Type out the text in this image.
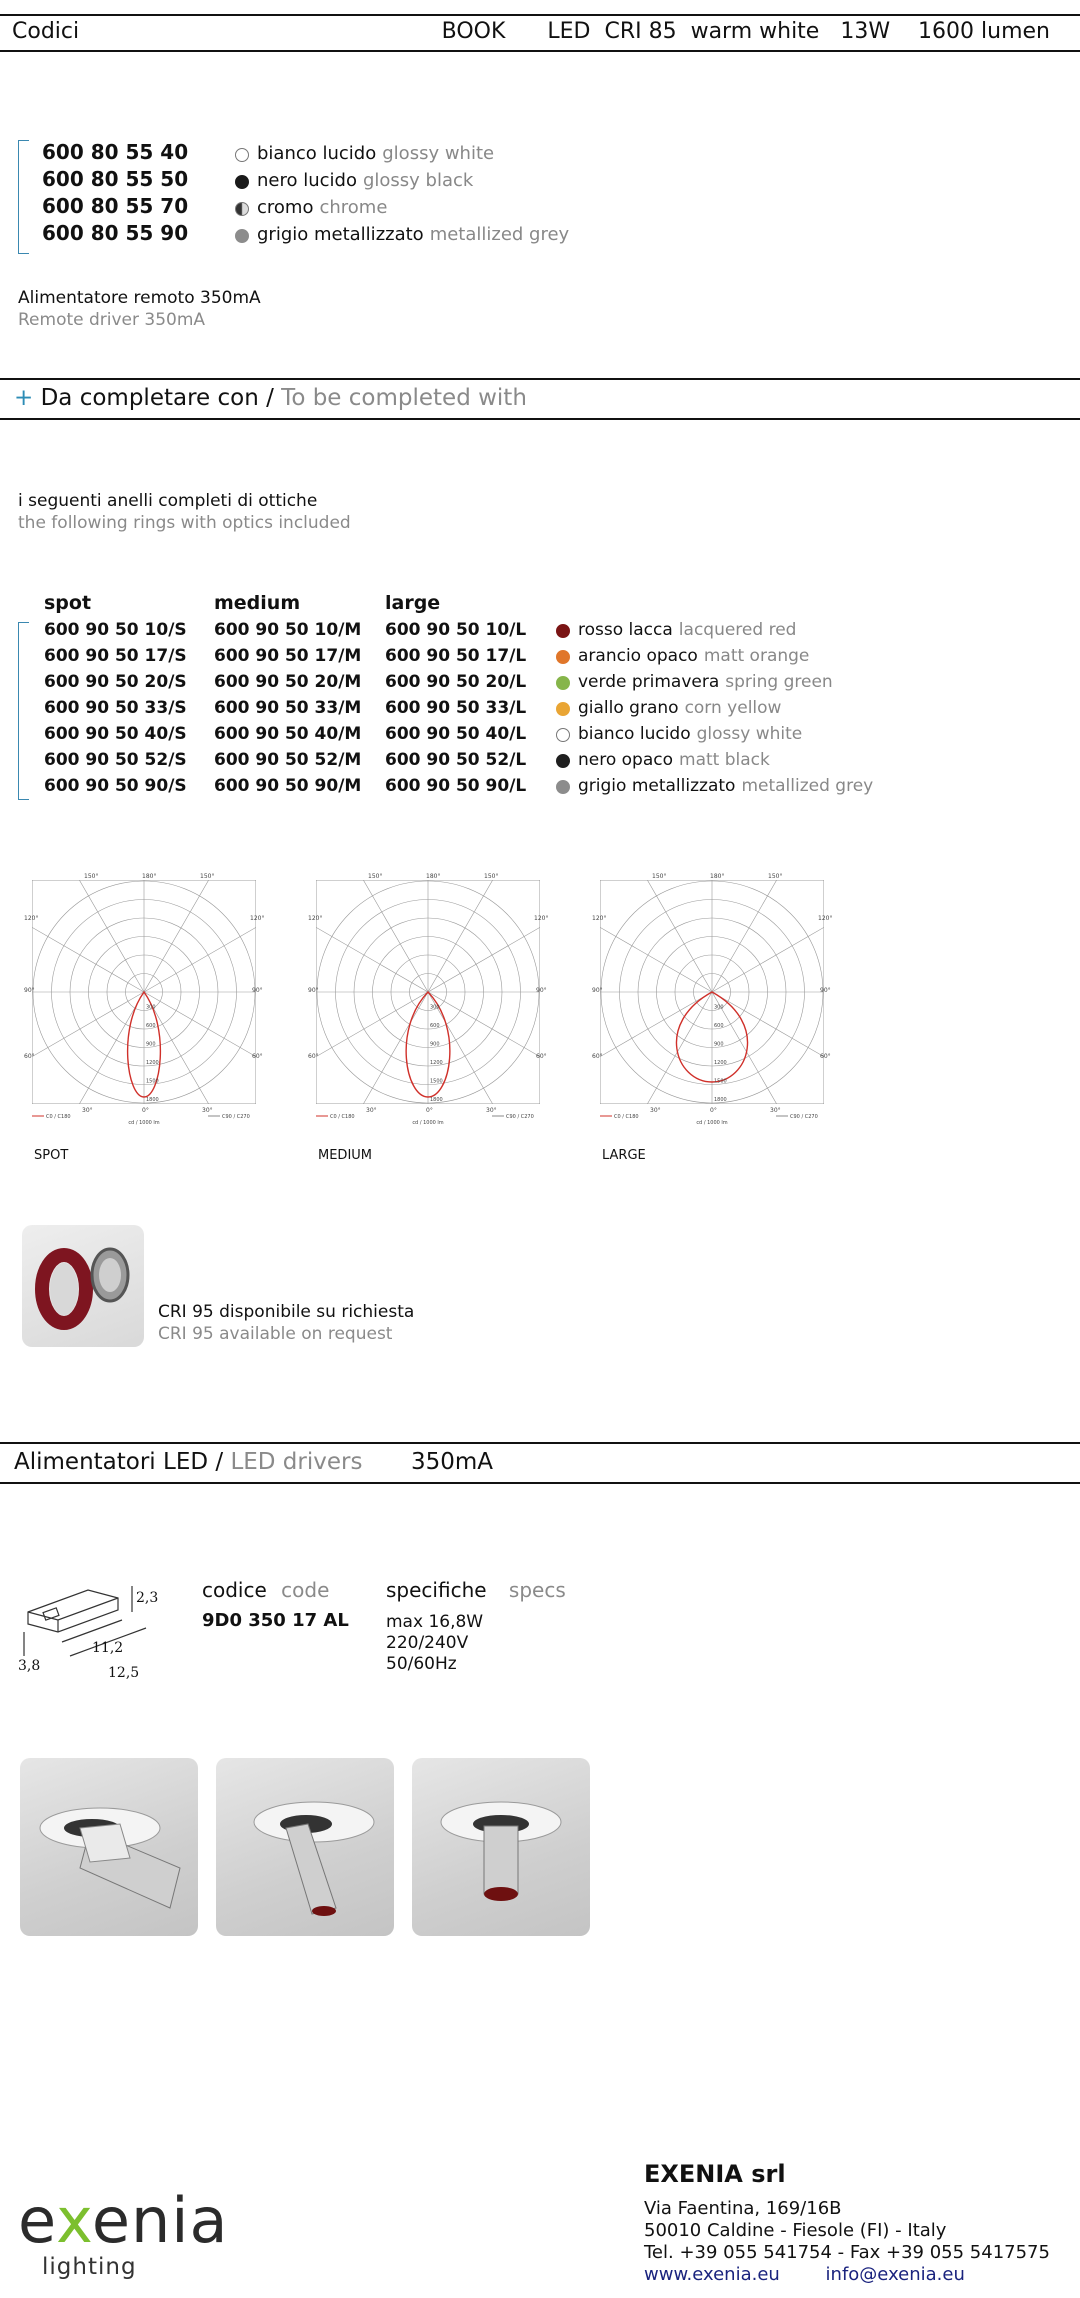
Codici	BOOK      LED  CRI 85  warm white   13W    1600 lumen
600 80 55 40	bianco lucido glossy white
600 80 55 50	nero lucido glossy black
600 80 55 70	cromo chrome
600 80 55 90	grigio metallizzato metallized grey
Alimentatore remoto 350mA
Remote driver 350mA
+ Da completare con / To be completed with
i seguenti anelli completi di ottiche
the following rings with optics included
spot	medium	large
600 90 50 10/S 600 90 50 10/M 600 90 50 10/L	rosso lacca lacquered red
600 90 50 17/S 600 90 50 17/M 600 90 50 17/L	arancio opaco matt orange
600 90 50 20/S 600 90 50 20/M 600 90 50 20/L	verde primavera spring green
600 90 50 33/S 600 90 50 33/M 600 90 50 33/L	giallo grano corn yellow
600 90 50 40/S 600 90 50 40/M 600 90 50 40/L	bianco lucido glossy white
600 90 50 52/S 600 90 50 52/M 600 90 50 52/L	nero opaco matt black
600 90 50 90/S 600 90 50 90/M 600 90 50 90/L	grigio metallizzato metallized grey
300
600
900
1200
1500
1800
150°	180°	150°
120°	120°
90°	90°
60°	60°
30°	0°	30°
C0 / C180	C90 / C270
cd / 1000 lm
SPOT
300
600
900
1200
1500
1800
150°	180°	150°
120°	120°
90°	90°
60°	60°
30°	0°	30°
C0 / C180	C90 / C270
cd / 1000 lm
MEDIUM
300
600
900
1200
1500
1800
150°	180°	150°
120°	120°
90°	90°
60°	60°
30°	0°	30°
C0 / C180	C90 / C270
cd / 1000 lm
LARGE
CRI 95 disponibile su richiesta
CRI 95 available on request
Alimentatori LED / LED drivers 350mA
2,3
3,8
11,2
12,5
codice code
9D0 350 17 AL
specifiche specs
max 16,8W
220/240V
50/60Hz
exenia
lighting
EXENIA srl
Via Faentina, 169/16B
50010 Caldine - Fiesole (FI) - Italy
Tel. +39 055 541754 - Fax +39 055 5417575
www.exenia.eu	info@exenia.eu
